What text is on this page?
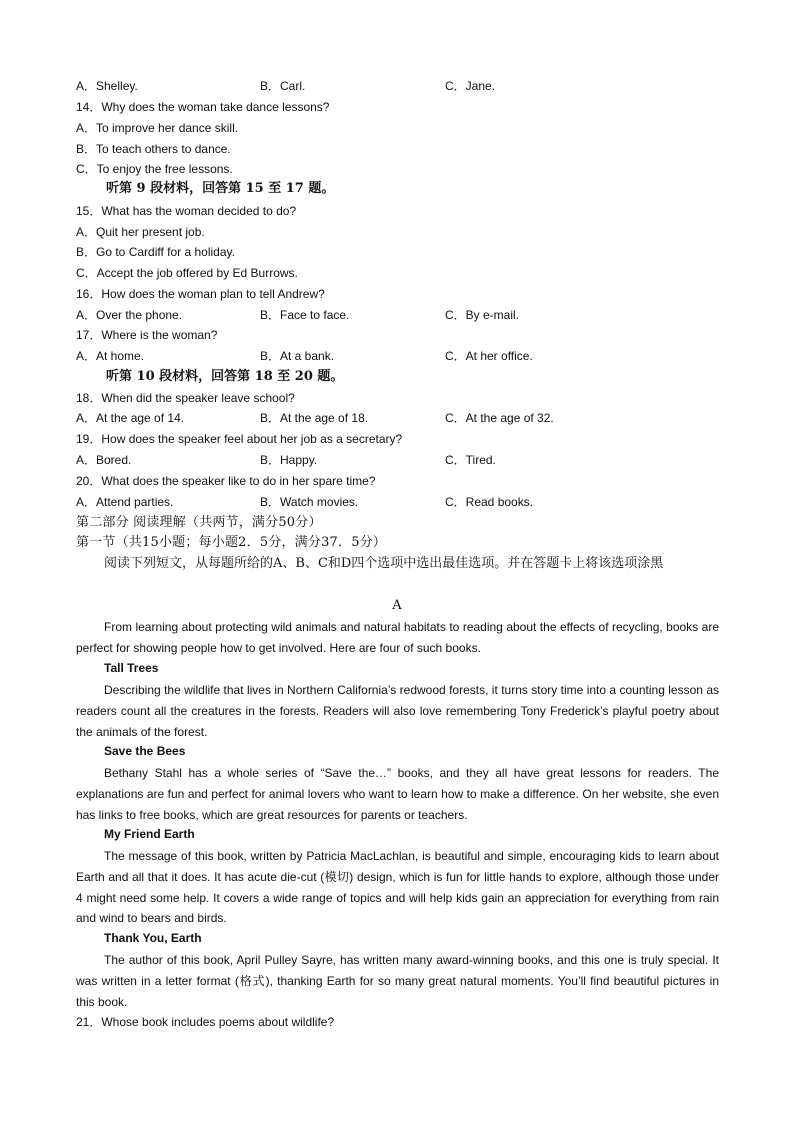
A．Shelley.	B．Carl.	C．Jane.
14．Why does the woman take dance lessons?
A．To improve her dance skill.
B．To teach others to dance.
C．To enjoy the free lessons.
听第 9 段材料，回答第 15 至 17 题。
15．What has the woman decided to do?
A．Quit her present job.
B．Go to Cardiff for a holiday.
C．Accept the job offered by Ed Burrows.
16．How does the woman plan to tell Andrew?
A．Over the phone.	B．Face to face.	C．By e-mail.
17．Where is the woman?
A．At home.	B．At a bank.	C．At her office.
听第 10 段材料，回答第 18 至 20 题。
18．When did the speaker leave school?
A．At the age of 14.	B．At the age of 18.	C．At the age of 32.
19．How does the speaker feel about her job as a secretary?
A．Bored.	B．Happy.	C．Tired.
20．What does the speaker like to do in her spare time?
A．Attend parties.	B．Watch movies.	C．Read books.
第二部分 阅读理解（共两节，满分50分）
第一节（共15小题；每小题2．5分，满分37．5分）

阅读下列短文，从每题所给的A、B、C和D四个选项中选出最佳选项。并在答题卡上将该选项涂黑

A

From learning about protecting wild animals and natural habitats to reading about the effects of recycling, books are perfect for showing people how to get involved. Here are four of such books.

Tall Trees

Describing the wildlife that lives in Northern California’s redwood forests, it turns story time into a counting lesson as readers count all the creatures in the forests. Readers will also love remembering Tony Frederick’s playful poetry about the animals of the forest.

Save the Bees

Bethany Stahl has a whole series of “Save the…” books, and they all have great lessons for readers. The explanations are fun and perfect for animal lovers who want to learn how to make a difference. On her website, she even has links to free books, which are great resources for parents or teachers.

My Friend Earth

The message of this book, written by Patricia MacLachlan, is beautiful and simple, encouraging kids to learn about Earth and all that it does. It has acute die-cut (模切) design, which is fun for little hands to explore, although those under 4 might need some help. It covers a wide range of topics and will help kids gain an appreciation for everything from rain and wind to bears and birds.

Thank You, Earth

The author of this book, April Pulley Sayre, has written many award-winning books, and this one is truly special. It was written in a letter format (格式), thanking Earth for so many great natural moments. You’ll find beautiful pictures in this book.

21．Whose book includes poems about wildlife?
